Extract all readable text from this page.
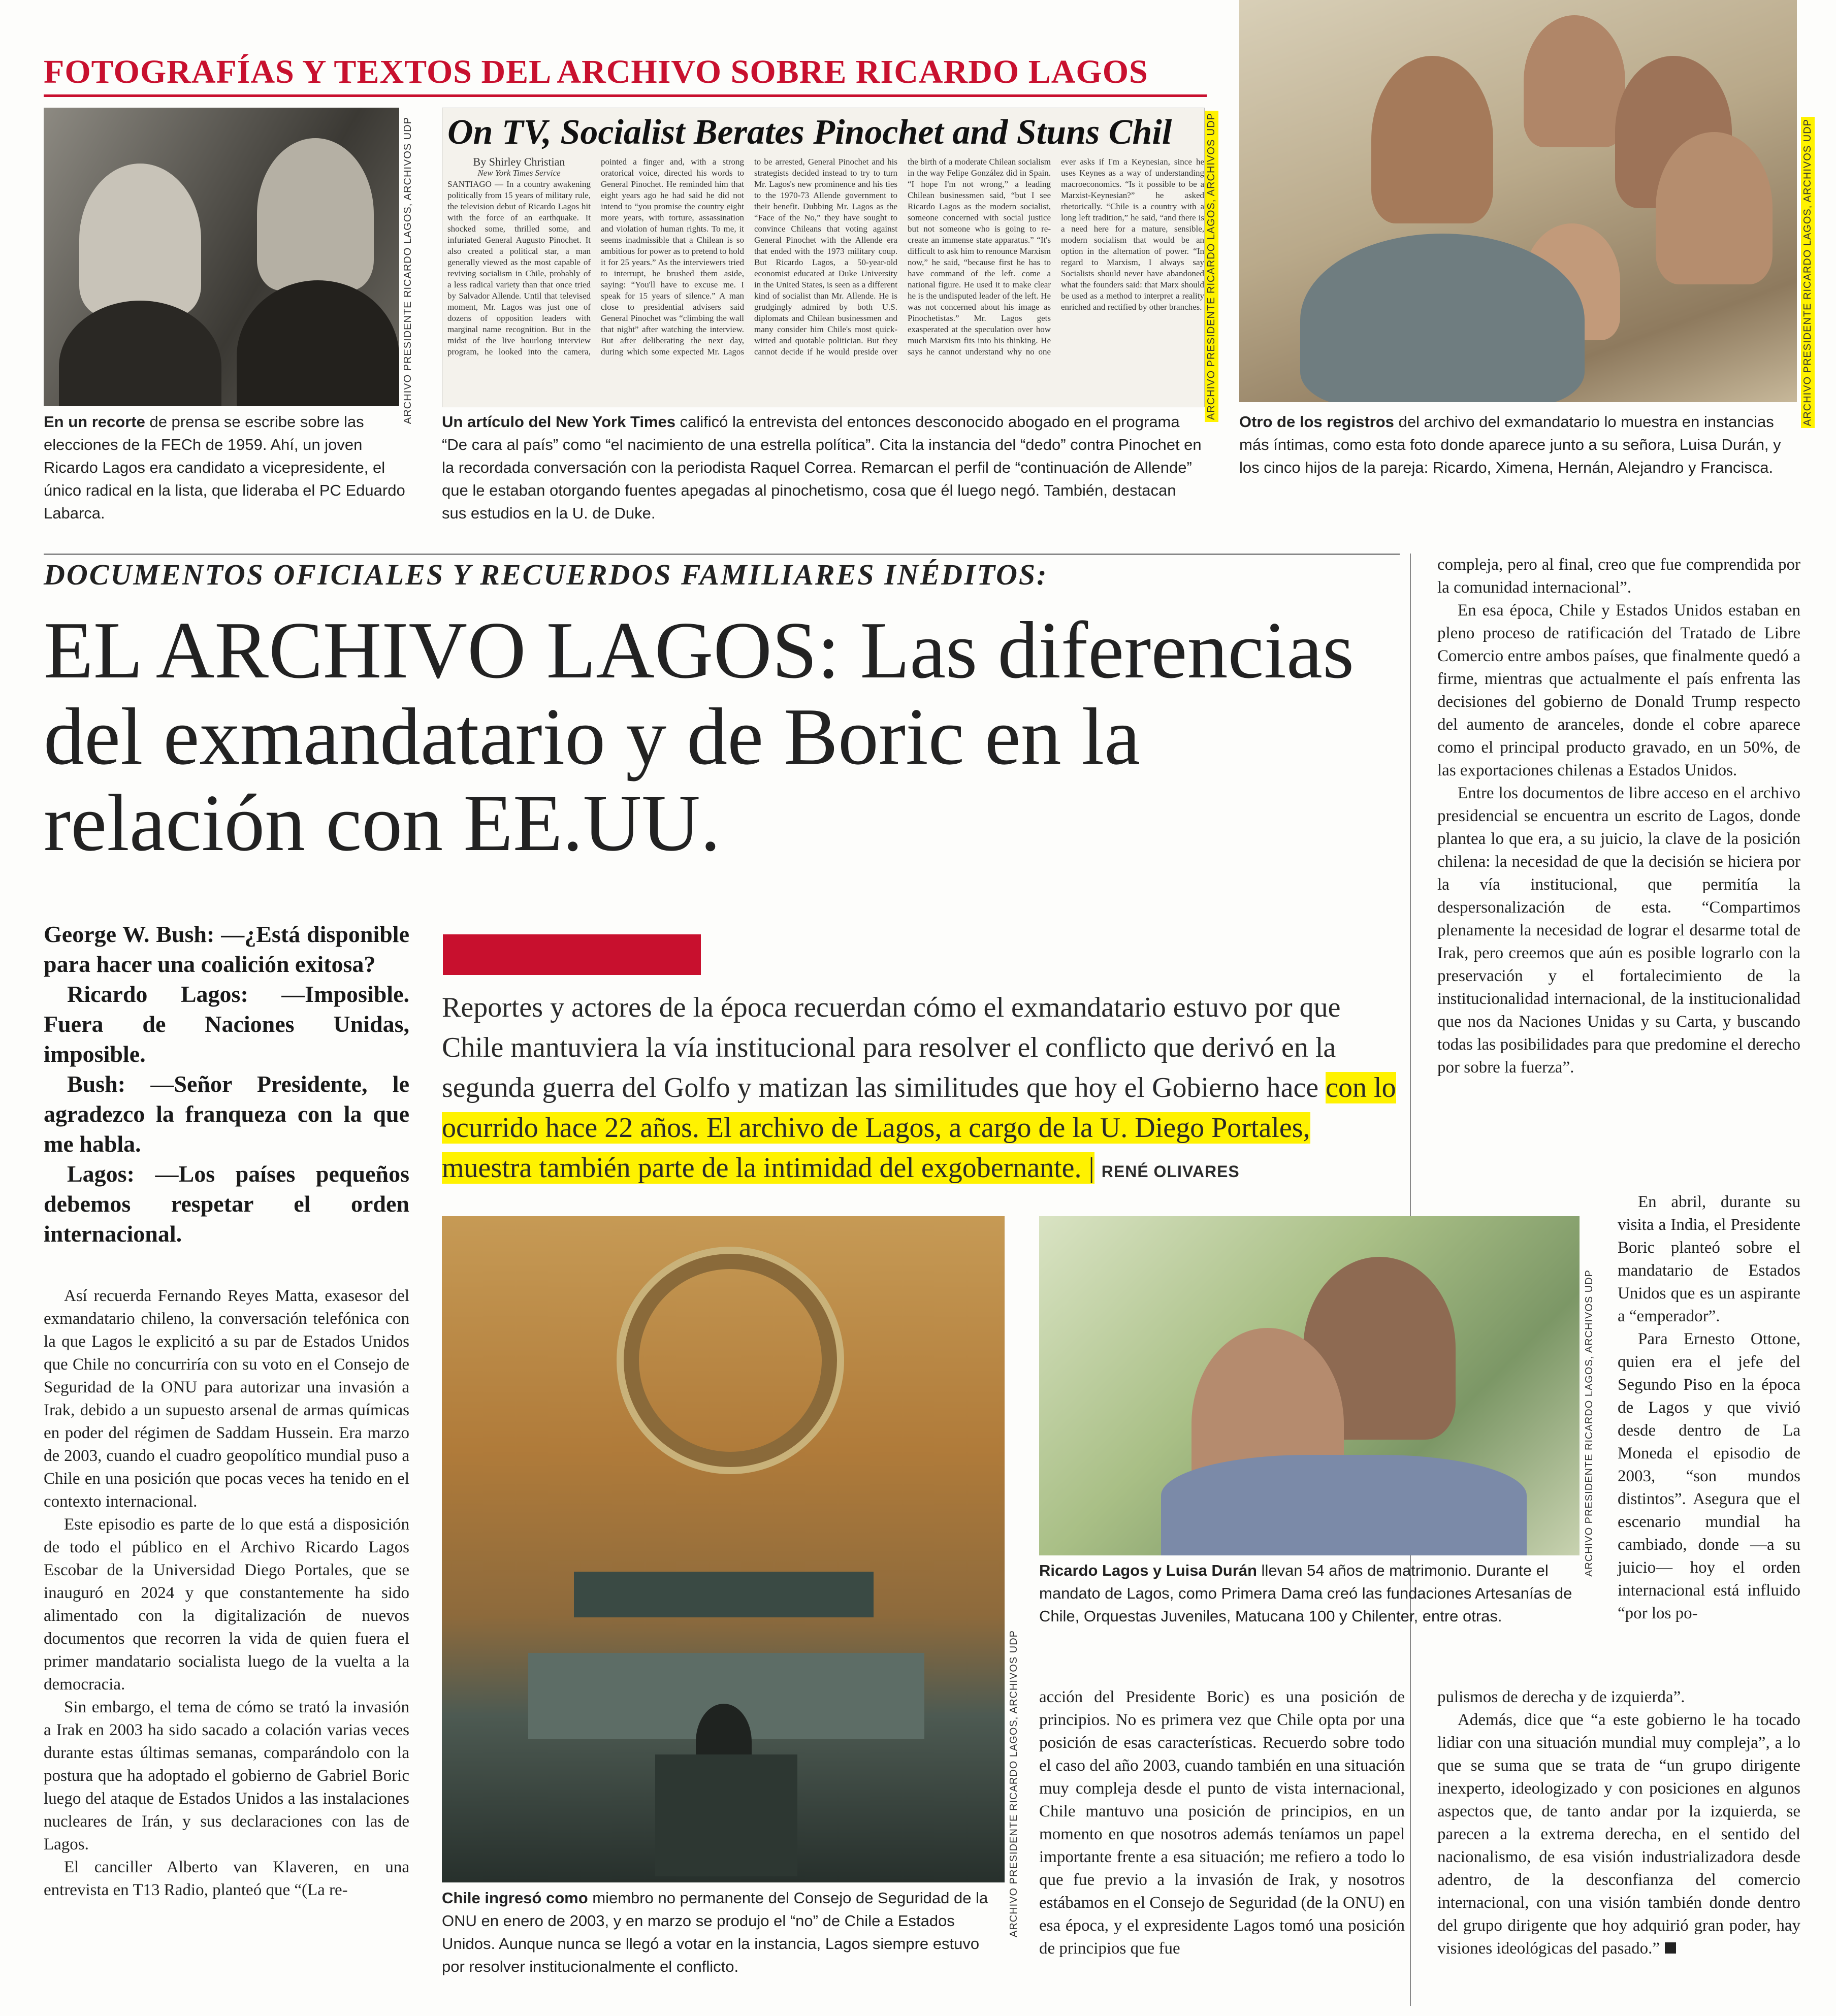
FOTOGRAFÍAS Y TEXTOS DEL ARCHIVO SOBRE RICARDO LAGOS
ARCHIVO PRESIDENTE RICARDO LAGOS, ARCHIVOS UDP On TV, Socialist Berates Pinochet and Stuns Chil
By Shirley Christian
New York Times Service
SANTIAGO — In a country awakening politically from 15 years of military rule, the television debut of Ricardo Lagos hit with the force of an earthquake. It shocked some, thrilled some, and infuriated General Augusto Pinochet. It also created a political star, a man generally viewed as the most capable of reviving socialism in Chile, probably of a less radical variety than that once tried by Salvador Allende. Until that televised moment, Mr. Lagos was just one of dozens of opposition leaders with marginal name recognition. But in the midst of the live hourlong interview program, he looked into the camera, pointed a finger and, with a strong oratorical voice, directed his words to General Pinochet. He reminded him that eight years ago he had said he did not intend to “you promise the country eight more years, with torture, assassination and violation of human rights. To me, it seems inadmissible that a Chilean is so ambitious for power as to pretend to hold it for 25 years.” As the interviewers tried to interrupt, he brushed them aside, saying: “You'll have to excuse me. I speak for 15 years of silence.” A man close to presidential advisers said General Pinochet was “climbing the wall that night” after watching the interview. But after deliberating the next day, during which some expected Mr. Lagos to be arrested, General Pinochet and his strategists decided instead to try to turn Mr. Lagos's new prominence and his ties to the 1970-73 Allende government to their benefit. Dubbing Mr. Lagos as the “Face of the No,” they have sought to convince Chileans that voting against General Pinochet with the Allende era that ended with the 1973 military coup. But Ricardo Lagos, a 50-year-old economist educated at Duke University in the United States, is seen as a different kind of socialist than Mr. Allende. He is grudgingly admired by both U.S. diplomats and Chilean businessmen and many consider him Chile's most quick-witted and quotable politician. But they cannot decide if he would preside over the birth of a moderate Chilean socialism in the way Felipe González did in Spain. “I hope I'm not wrong,” a leading Chilean businessmen said, “but I see Ricardo Lagos as the modern socialist, someone concerned with social justice but not someone who is going to re-create an immense state apparatus.” “It's difficult to ask him to renounce Marxism now,” he said, “because first he has to have command of the left. come a national figure. He used it to make clear he is the undisputed leader of the left. He was not concerned about his image as Pinochetistas.” Mr. Lagos gets exasperated at the speculation over how much Marxism fits into his thinking. He says he cannot understand why no one ever asks if I'm a Keynesian, since he uses Keynes as a way of understanding macroeconomics. “Is it possible to be a Marxist-Keynesian?” he asked rhetorically. “Chile is a country with a long left tradition,” he said, “and there is a need here for a mature, sensible, modern socialism that would be an option in the alternation of power. “In regard to Marxism, I always say Socialists should never have abandoned what the founders said: that Marx should be used as a method to interpret a reality enriched and rectified by other branches. ARCHIVO PRESIDENTE RICARDO LAGOS, ARCHIVOS UDP	ARCHIVO PRESIDENTE RICARDO LAGOS, ARCHIVOS UDP
En un recorte de prensa se escribe sobre las elecciones de la FECh de 1959. Ahí, un joven Ricardo Lagos era candidato a vicepresidente, el único radical en la lista, que lideraba el PC Eduardo Labarca.
Un artículo del New York Times calificó la entrevista del entonces desconocido abogado en el programa “De cara al país” como “el nacimiento de una estrella política”. Cita la instancia del “dedo” contra Pinochet en la recordada conversación con la periodista Raquel Correa. Remarcan el perfil de “continuación de Allende” que le estaban otorgando fuentes apegadas al pinochetismo, cosa que él luego negó. También, destacan sus estudios en la U. de Duke.
Otro de los registros del archivo del exmandatario lo muestra en instancias más íntimas, como esta foto donde aparece junto a su señora, Luisa Durán, y los cinco hijos de la pareja: Ricardo, Ximena, Hernán, Alejandro y Francisca.
DOCUMENTOS OFICIALES Y RECUERDOS FAMILIARES INÉDITOS:
EL ARCHIVO LAGOS: Las diferencias del exmandatario y de Boric en la relación con EE.UU.
Reportes y actores de la época recuerdan cómo el exmandatario estuvo por que Chile mantuviera la vía institucional para resolver el conflicto que derivó en la segunda guerra del Golfo y matizan las similitudes que hoy el Gobierno hace con lo ocurrido hace 22 años. El archivo de Lagos, a cargo de la U. Diego Portales, muestra también parte de la intimidad del exgobernante. | RENÉ OLIVARES

George W. Bush: —¿Está disponible para hacer una coalición exitosa?

Ricardo Lagos: —Imposible. Fuera de Naciones Unidas, imposible.

Bush: —Señor Presidente, le agradezco la franqueza con la que me habla.

Lagos: —Los países pequeños debemos respetar el orden internacional.

Así recuerda Fernando Reyes Matta, exasesor del exmandatario chileno, la conversación telefónica con la que Lagos le explicitó a su par de Estados Unidos que Chile no concurriría con su voto en el Consejo de Seguridad de la ONU para autorizar una invasión a Irak, debido a un supuesto arsenal de armas químicas en poder del régimen de Saddam Hussein. Era marzo de 2003, cuando el cuadro geopolítico mundial puso a Chile en una posición que pocas veces ha tenido en el contexto internacional.

Este episodio es parte de lo que está a disposición de todo el público en el Archivo Ricardo Lagos Escobar de la Universidad Diego Portales, que se inauguró en 2024 y que constantemente ha sido alimentado con la digitalización de nuevos documentos que recorren la vida de quien fuera el primer mandatario socialista luego de la vuelta a la democracia.

Sin embargo, el tema de cómo se trató la invasión a Irak en 2003 ha sido sacado a colación varias veces durante estas últimas semanas, comparándolo con la postura que ha adoptado el gobierno de Gabriel Boric luego del ataque de Estados Unidos a las instalaciones nucleares de Irán, y sus declaraciones con las de Lagos.

El canciller Alberto van Klaveren, en una entrevista en T13 Radio, planteó que “(La re-	ARCHIVO PRESIDENTE RICARDO LAGOS, ARCHIVOS UDP
Chile ingresó como miembro no permanente del Consejo de Seguridad de la ONU en enero de 2003, y en marzo se produjo el “no” de Chile a Estados Unidos. Aunque nunca se llegó a votar en la instancia, Lagos siempre estuvo por resolver institucionalmente el conflicto.
ARCHIVO PRESIDENTE RICARDO LAGOS, ARCHIVOS UDP
Ricardo Lagos y Luisa Durán llevan 54 años de matrimonio. Durante el mandato de Lagos, como Primera Dama creó las fundaciones Artesanías de Chile, Orquestas Juveniles, Matucana 100 y Chilenter, entre otras.

acción del Presidente Boric) es una posición de principios. No es primera vez que Chile opta por una posición de esas características. Recuerdo sobre todo el caso del año 2003, cuando también en una situación muy compleja desde el punto de vista internacional, Chile mantuvo una posición de principios, en un momento en que nosotros además teníamos un papel importante frente a esa situación; me refiero a todo lo que fue previo a la invasión de Irak, y nosotros estábamos en el Consejo de Seguridad (de la ONU) en esa época, y el expresidente Lagos tomó una posición de principios que fue

compleja, pero al final, creo que fue comprendida por la comunidad internacional”.

En esa época, Chile y Estados Unidos estaban en pleno proceso de ratificación del Tratado de Libre Comercio entre ambos países, que finalmente quedó a firme, mientras que actualmente el país enfrenta las decisiones del gobierno de Donald Trump respecto del aumento de aranceles, donde el cobre aparece como el principal producto gravado, en un 50%, de las exportaciones chilenas a Estados Unidos.

Entre los documentos de libre acceso en el archivo presidencial se encuentra un escrito de Lagos, donde plantea lo que era, a su juicio, la clave de la posición chilena: la necesidad de que la decisión se hiciera por la vía institucional, que permitía la despersonalización de esta. “Compartimos plenamente la necesidad de lograr el desarme total de Irak, pero creemos que aún es posible lograrlo con la preservación y el fortalecimiento de la institucionalidad internacional, de la institucionalidad que nos da Naciones Unidas y su Carta, y buscando todas las posibilidades para que predomine el derecho por sobre la fuerza”.

En abril, durante su visita a India, el Presidente Boric planteó sobre el mandatario de Estados Unidos que es un aspirante a “emperador”.

Para Ernesto Ottone, quien era el jefe del Segundo Piso en la época de Lagos y que vivió desde dentro de La Moneda el episodio de 2003, “son mundos distintos”. Asegura que el escenario mundial ha cambiado, donde —a su juicio— hoy el orden internacional está influido “por los po-

pulismos de derecha y de izquierda”.

Además, dice que “a este gobierno le ha tocado lidiar con una situación mundial muy compleja”, a lo que se suma que se trata de “un grupo dirigente inexperto, ideologizado y con posiciones en algunos aspectos que, de tanto andar por la izquierda, se parecen a la extrema derecha, en el sentido del nacionalismo, de esa visión industrializadora desde adentro, de la desconfianza del comercio internacional, con una visión también donde dentro del grupo dirigente que hoy adquirió gran poder, hay visiones ideológicas del pasado.”
